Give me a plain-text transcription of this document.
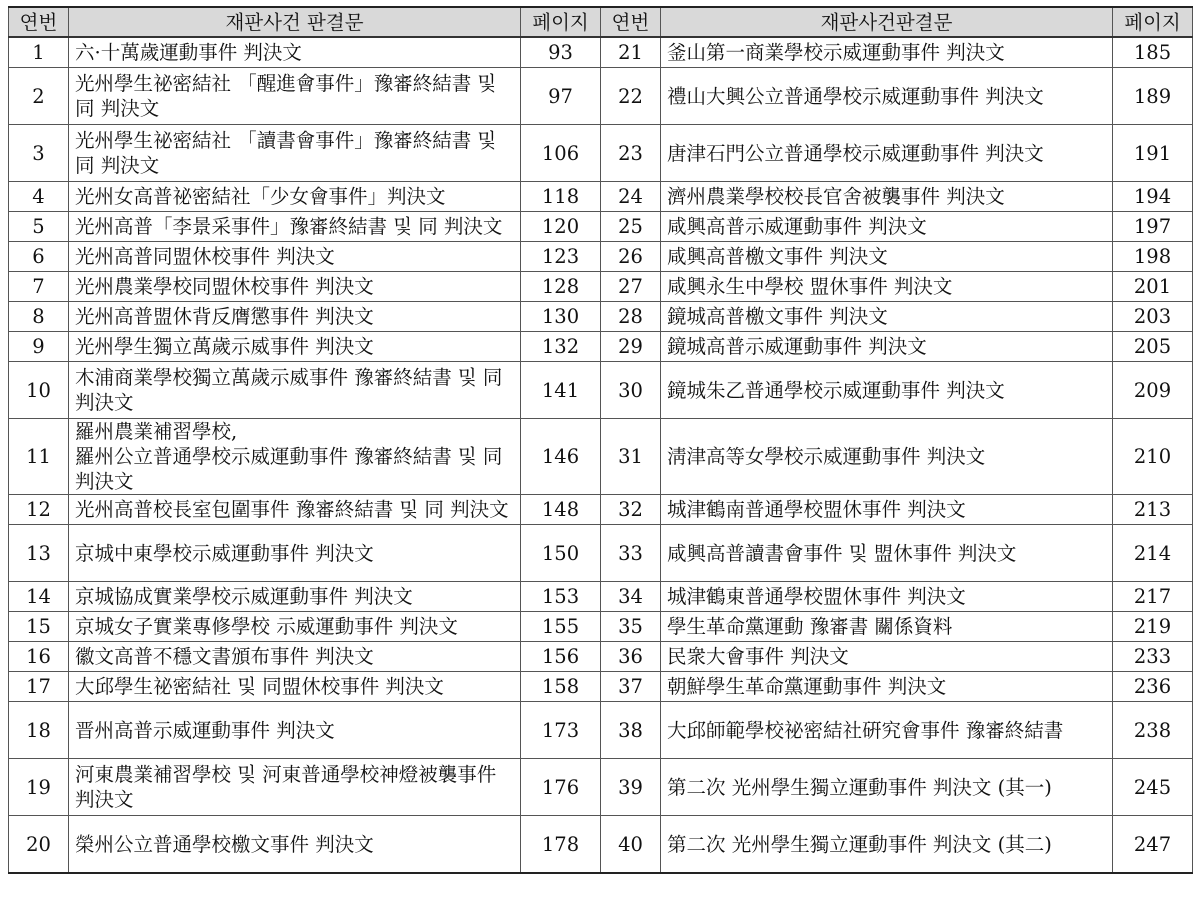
연번	재판사건 판결문	페이지	연번	재판사건판결문	페이지
1	六·十萬歲運動事件 判決文	93	21	釜山第一商業學校示威運動事件 判決文	185
2	光州學生祕密結社 「醒進會事件」豫審終結書 및 同 判決文	97	22	禮山大興公立普通學校示威運動事件 判決文	189
3	光州學生祕密結社 「讀書會事件」豫審終結書 및 同 判決文	106	23	唐津石門公立普通學校示威運動事件 判決文	191
4	光州女高普祕密結社「少女會事件」判決文	118	24	濟州農業學校校長官舍被襲事件 判決文	194
5	光州高普「李景采事件」豫審終結書 및 同 判決文	120	25	咸興高普示威運動事件 判決文	197
6	光州高普同盟休校事件 判決文	123	26	咸興高普檄文事件 判決文	198
7	光州農業學校同盟休校事件 判決文	128	27	咸興永生中學校 盟休事件 判決文	201
8	光州高普盟休背反膺懲事件 判決文	130	28	鏡城高普檄文事件 判決文	203
9	光州學生獨立萬歲示威事件 判決文	132	29	鏡城高普示威運動事件 判決文	205
10	木浦商業學校獨立萬歲示威事件 豫審終結書 및 同 判決文	141	30	鏡城朱乙普通學校示威運動事件 判決文	209
11	羅州農業補習學校, 羅州公立普通學校示威運動事件 豫審終結書 및 同 判決文	146	31	淸津高等女學校示威運動事件 判決文	210
12	光州高普校長室包圍事件 豫審終結書 및 同 判決文	148	32	城津鶴南普通學校盟休事件 判決文	213
13	京城中東學校示威運動事件 判決文	150	33	咸興高普讀書會事件 및 盟休事件 判決文	214
14	京城協成實業學校示威運動事件 判決文	153	34	城津鶴東普通學校盟休事件 判決文	217
15	京城女子實業專修學校 示威運動事件 判決文	155	35	學生革命黨運動 豫審書 關係資料	219
16	徽文高普不穩文書頒布事件 判決文	156	36	民衆大會事件 判決文	233
17	大邱學生祕密結社 및 同盟休校事件 判決文	158	37	朝鮮學生革命黨運動事件 判決文	236
18	晋州高普示威運動事件 判決文	173	38	大邱師範學校祕密結社硏究會事件 豫審終結書	238
19	河東農業補習學校 및 河東普通學校神燈被襲事件 判決文	176	39	第二次 光州學生獨立運動事件 判決文 (其一)	245
20	榮州公立普通學校檄文事件 判決文	178	40	第二次 光州學生獨立運動事件 判決文 (其二)	247
